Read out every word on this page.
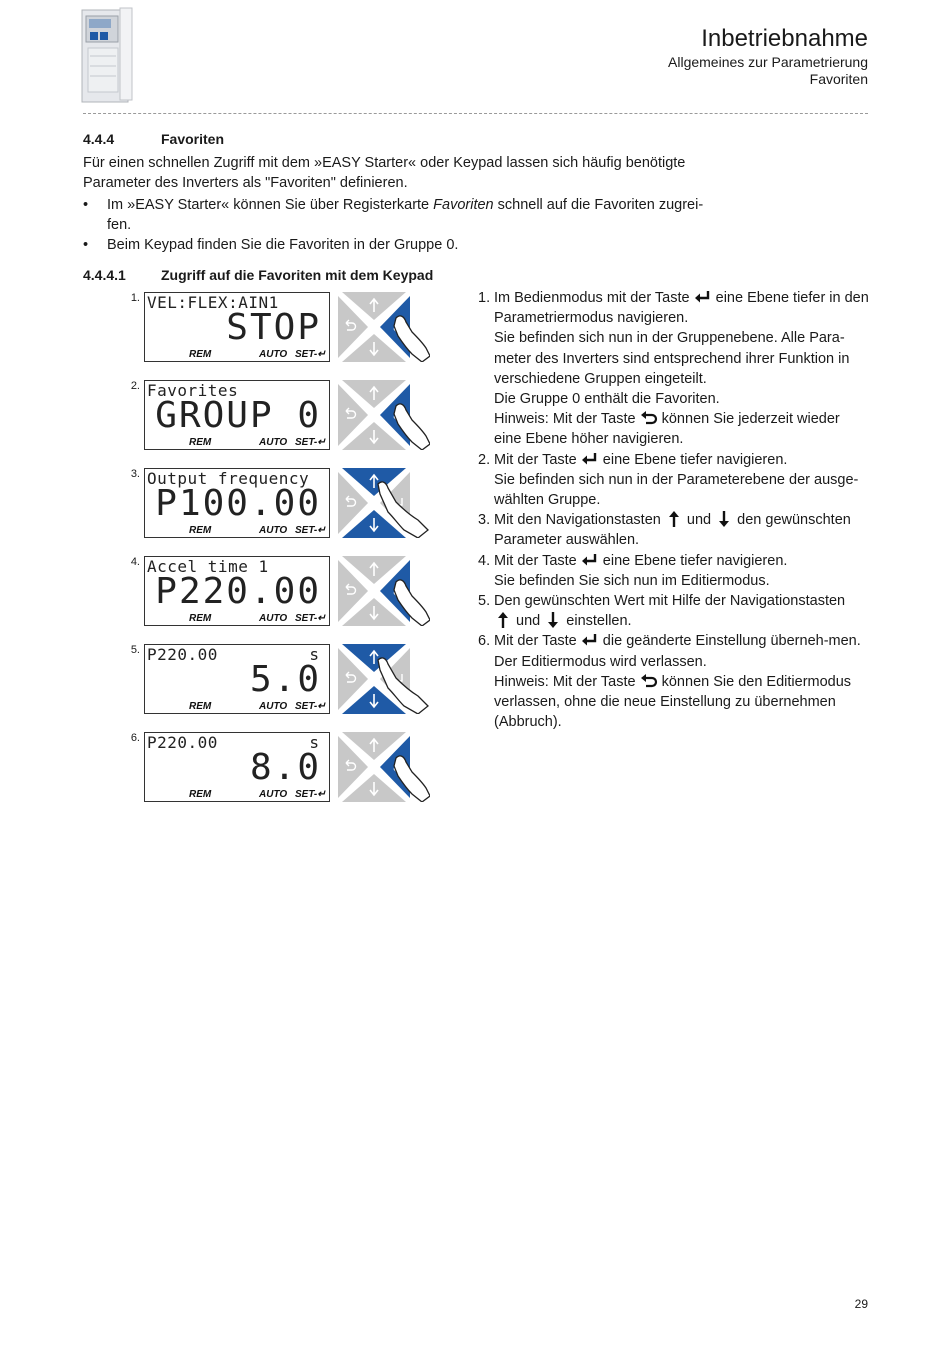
Inbetriebnahme
Allgemeines zur Parametrierung
Favoriten
4.4.4	Favoriten
Für einen schnellen Zugriff mit dem »EASY Starter« oder Keypad lassen sich häufig benötigte Parameter des Inverters als "Favoriten" definieren.
• Im »EASY Starter« können Sie über Registerkarte Favoriten schnell auf die Favoriten zugrei-fen.
• Beim Keypad finden Sie die Favoriten in der Gruppe 0.
4.4.4.1	Zugriff auf die Favoriten mit dem Keypad
1. VEL:FLEX:AIN1
STOP
REM	AUTO SET-↵
2. Favorites
GROUP 0
REM	AUTO SET-↵
3. Output frequency
P100.00
REM	AUTO SET-↵
4. Accel time 1
P220.00
REM	AUTO SET-↵
5. P220.00	s
5.0
REM	AUTO SET-↵
6. P220.00	s
8.0
REM	AUTO SET-↵
1. Im Bedienmodus mit der Taste  eine Ebene tiefer in den Parametriermodus navigieren.

Sie befinden sich nun in der Gruppenebene. Alle Para-meter des Inverters sind entsprechend ihrer Funktion in verschiedene Gruppen eingeteilt.

Die Gruppe 0 enthält die Favoriten.

Hinweis: Mit der Taste  können Sie jederzeit wieder eine Ebene höher navigieren.

2. Mit der Taste  eine Ebene tiefer navigieren.

Sie befinden sich nun in der Parameterebene der ausge-wählten Gruppe.

3. Mit den Navigationstasten  und  den gewünschten Parameter auswählen.

4. Mit der Taste  eine Ebene tiefer navigieren.

Sie befinden Sie sich nun im Editiermodus.

5. Den gewünschten Wert mit Hilfe der Navigationstasten
und  einstellen.

6. Mit der Taste  die geänderte Einstellung überneh-men.

Der Editiermodus wird verlassen.

Hinweis: Mit der Taste  können Sie den Editiermodus verlassen, ohne die neue Einstellung zu übernehmen (Abbruch).

29
